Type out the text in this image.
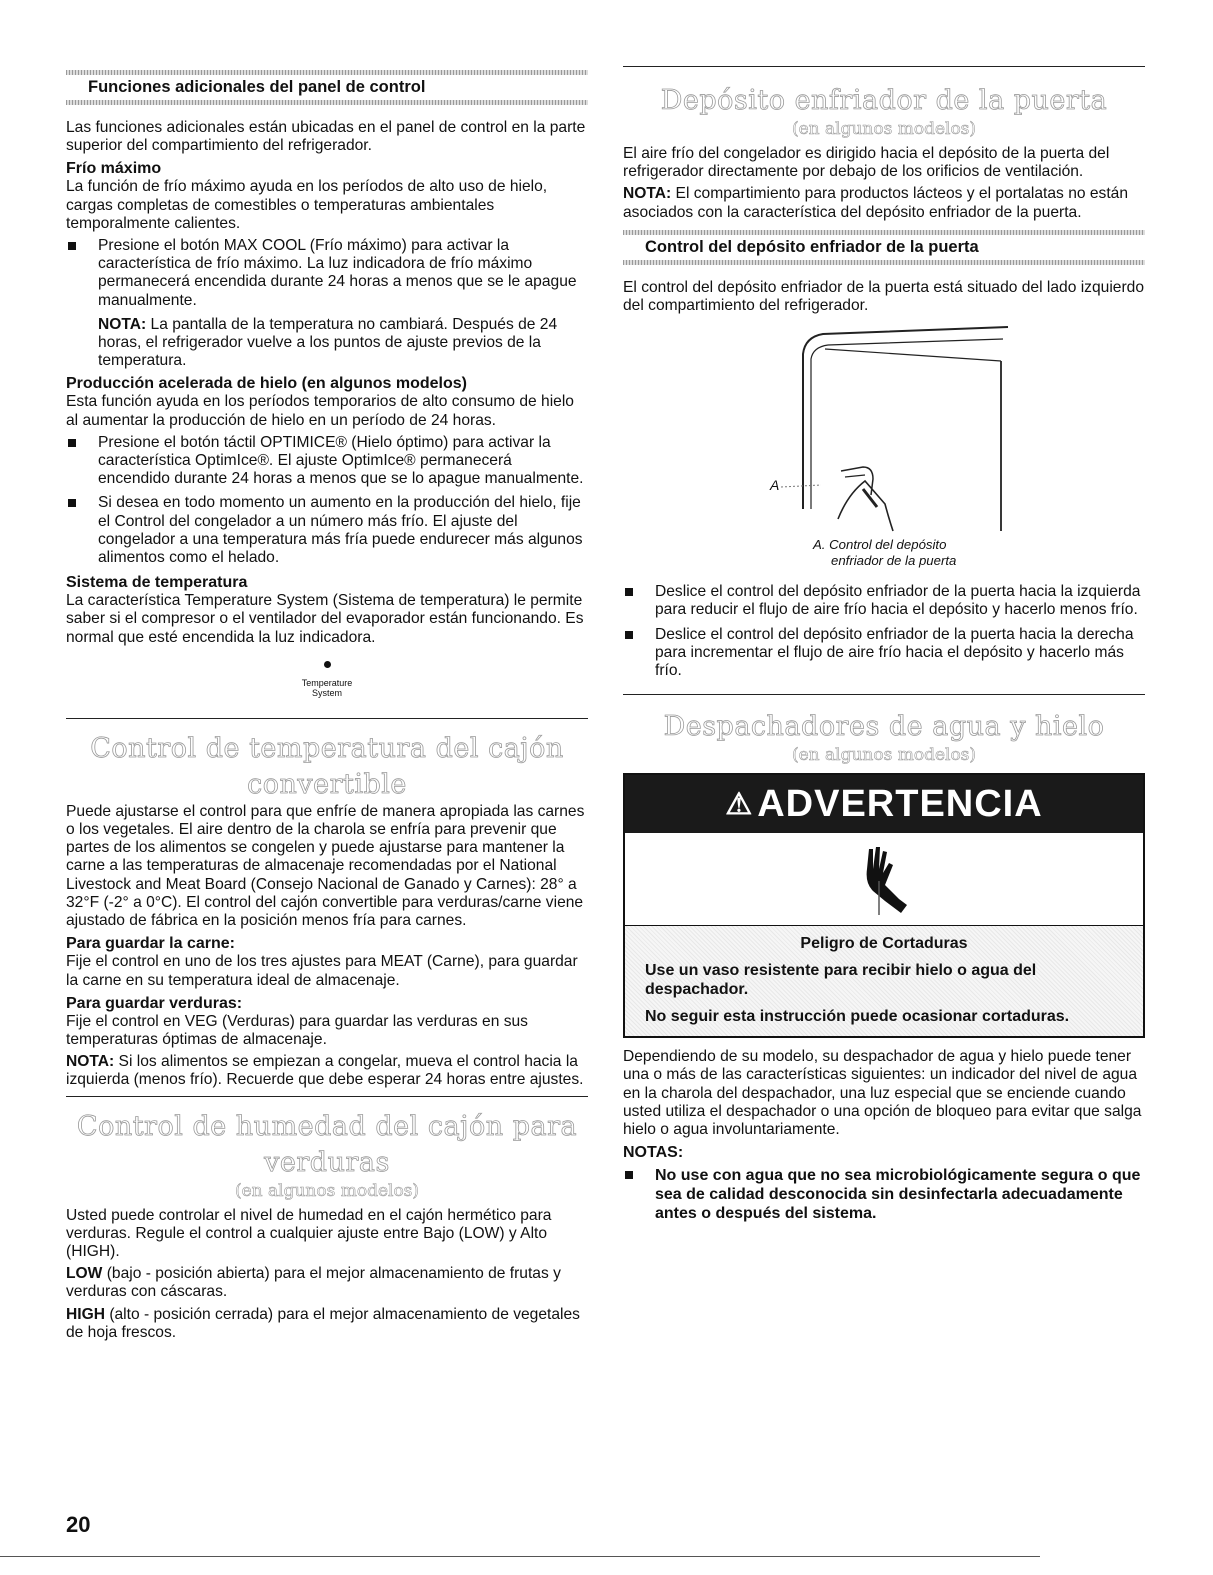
Funciones adicionales del panel de control

Las funciones adicionales están ubicadas en el panel de control en la parte superior del compartimiento del refrigerador.

Frío máximo

La función de frío máximo ayuda en los períodos de alto uso de hielo, cargas completas de comestibles o temperaturas ambientales temporalmente calientes.

Presione el botón MAX COOL (Frío máximo) para activar la característica de frío máximo. La luz indicadora de frío máximo permanecerá encendida durante 24 horas a menos que se le apague manualmente.

NOTA: La pantalla de la temperatura no cambiará. Después de 24 horas, el refrigerador vuelve a los puntos de ajuste previos de la temperatura.

Producción acelerada de hielo (en algunos modelos)

Esta función ayuda en los períodos temporarios de alto consumo de hielo al aumentar la producción de hielo en un período de 24 horas.

Presione el botón táctil OPTIMICE® (Hielo óptimo) para activar la característica OptimIce®. El ajuste OptimIce® permanecerá encendido durante 24 horas a menos que se lo apague manualmente.
Si desea en todo momento un aumento en la producción del hielo, fije el Control del congelador a un número más frío. El ajuste del congelador a una temperatura más fría puede endurecer más algunos alimentos como el helado.
Sistema de temperatura

La característica Temperature System (Sistema de temperatura) le permite saber si el compresor o el ventilador del evaporador están funcionando. Es normal que esté encendida la luz indicadora.

Temperature
System
Control de temperatura del cajón
convertible

Puede ajustarse el control para que enfríe de manera apropiada las carnes o los vegetales. El aire dentro de la charola se enfría para prevenir que partes de los alimentos se congelen y puede ajustarse para mantener la carne a las temperaturas de almacenaje recomendadas por el National Livestock and Meat Board (Consejo Nacional de Ganado y Carnes): 28° a 32°F (-2° a 0°C). El control del cajón convertible para verduras/carne viene ajustado de fábrica en la posición menos fría para carnes.

Para guardar la carne:

Fije el control en uno de los tres ajustes para MEAT (Carne), para guardar la carne en su temperatura ideal de almacenaje.

Para guardar verduras:

Fije el control en VEG (Verduras) para guardar las verduras en sus temperaturas óptimas de almacenaje.

NOTA: Si los alimentos se empiezan a congelar, mueva el control hacia la izquierda (menos frío). Recuerde que debe esperar 24 horas entre ajustes.

Control de humedad del cajón para
verduras
(en algunos modelos)

Usted puede controlar el nivel de humedad en el cajón hermético para verduras. Regule el control a cualquier ajuste entre Bajo (LOW) y Alto (HIGH).

LOW (bajo - posición abierta) para el mejor almacenamiento de frutas y verduras con cáscaras.

HIGH (alto - posición cerrada) para el mejor almacenamiento de vegetales de hoja frescos.

Depósito enfriador de la puerta
(en algunos modelos)

El aire frío del congelador es dirigido hacia el depósito de la puerta del refrigerador directamente por debajo de los orificios de ventilación.

NOTA: El compartimiento para productos lácteos y el portalatas no están asociados con la característica del depósito enfriador de la puerta.

Control del depósito enfriador de la puerta

El control del depósito enfriador de la puerta está situado del lado izquierdo del compartimiento del refrigerador.

A
A. Control del depósito
enfriador de la puerta
Deslice el control del depósito enfriador de la puerta hacia la izquierda para reducir el flujo de aire frío hacia el depósito y hacerlo menos frío.
Deslice el control del depósito enfriador de la puerta hacia la derecha para incrementar el flujo de aire frío hacia el depósito y hacerlo más frío.
Despachadores de agua y hielo
(en algunos modelos)
⚠ ADVERTENCIA

Peligro de Cortaduras

Use un vaso resistente para recibir hielo o agua del despachador.

No seguir esta instrucción puede ocasionar cortaduras.

Dependiendo de su modelo, su despachador de agua y hielo puede tener una o más de las características siguientes: un indicador del nivel de agua en la charola del despachador, una luz especial que se enciende cuando usted utiliza el despachador o una opción de bloqueo para evitar que salga hielo o agua involuntariamente.

NOTAS:
No use con agua que no sea microbiológicamente segura o que sea de calidad desconocida sin desinfectarla adecuadamente antes o después del sistema.
20
